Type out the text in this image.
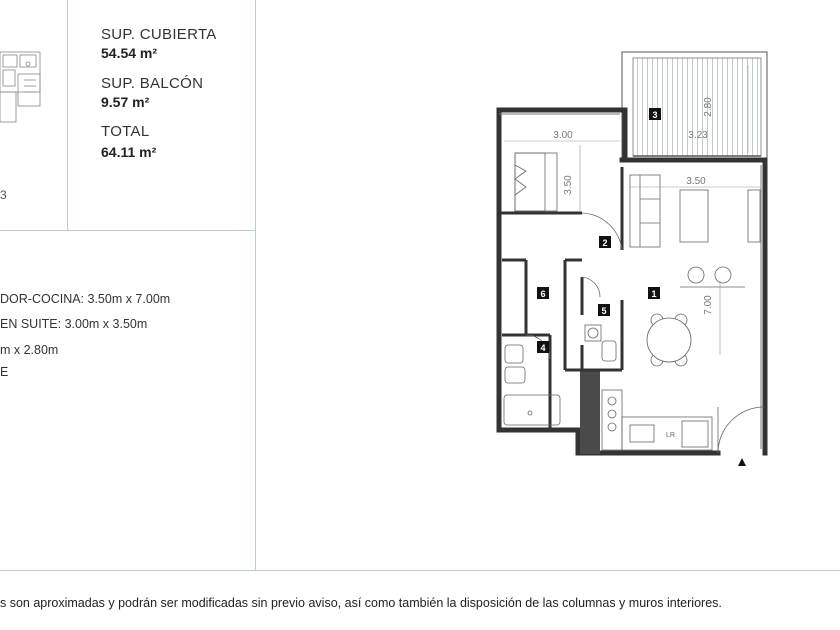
3
SUP. CUBIERTA
54.54 m²
SUP. BALCÓN
9.57 m²
TOTAL
64.11 m²
DOR-COCINA: 3.50m x 7.00m
EN SUITE: 3.00m x 3.50m
m x 2.80m
E
LR
1
2
3
4
5
6
3.00
3.50
2.80
3.23
3.50
7.00
s son aproximadas y podrán ser modificadas sin previo aviso, así como también la disposición de las columnas y muros interiores.
